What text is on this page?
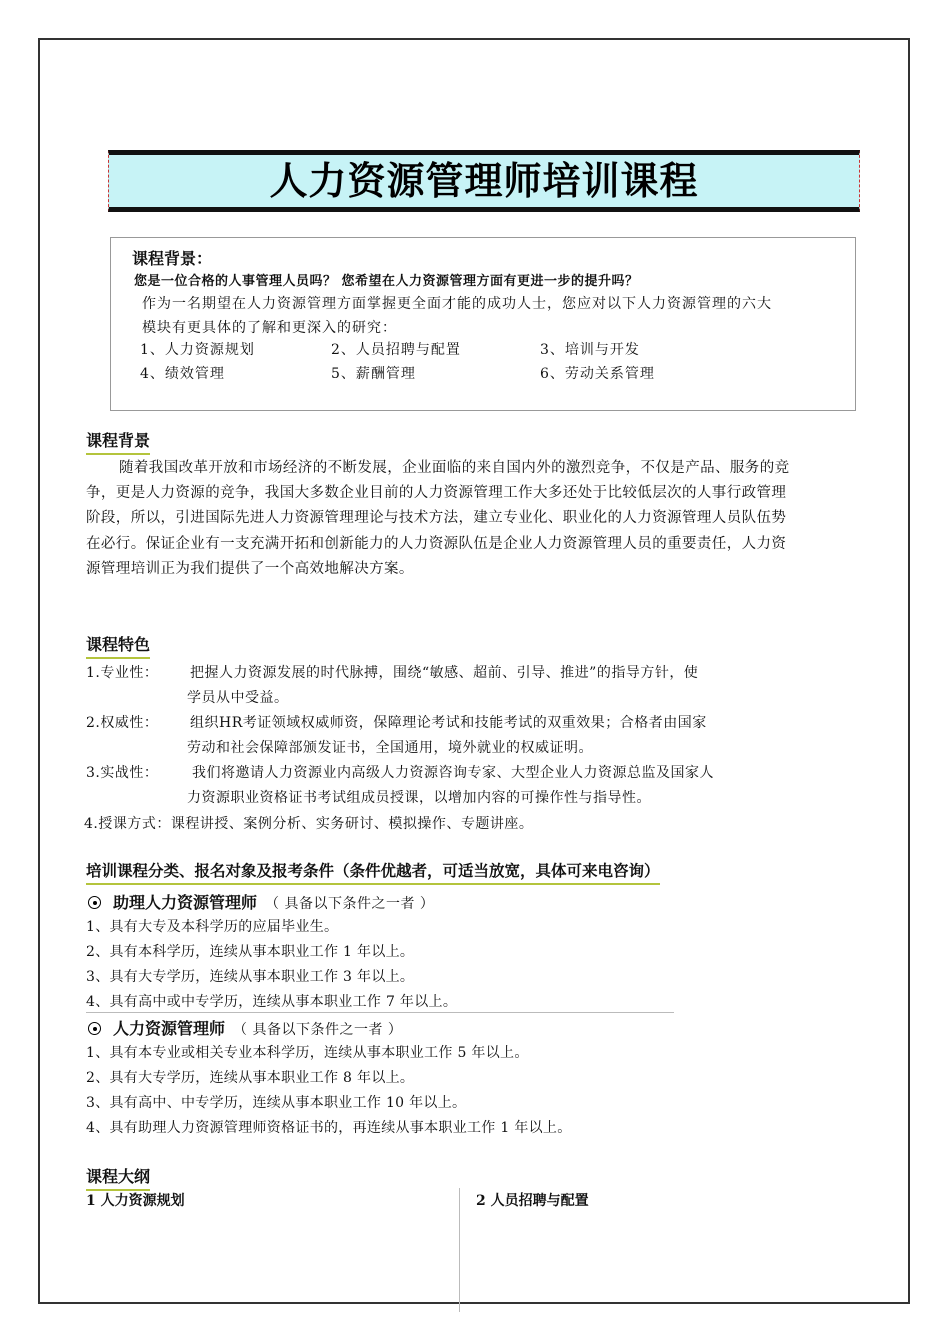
人力资源管理师培训课程
课程背景：
您是一位合格的人事管理人员吗？ 您希望在人力资源管理方面有更进一步的提升吗？
作为一名期望在人力资源管理方面掌握更全面才能的成功人士，您应对以下人力资源管理的六大
模块有更具体的了解和更深入的研究：
1、人力资源规划	2、人员招聘与配置	3、培训与开发
4、绩效管理	5、薪酬管理	6、劳动关系管理
课程背景
随着我国改革开放和市场经济的不断发展，企业面临的来自国内外的激烈竞争，不仅是产品、服务的竞争，更是人力资源的竞争，我国大多数企业目前的人力资源管理工作大多还处于比较低层次的人事行政管理阶段，所以，引进国际先进人力资源管理理论与技术方法，建立专业化、职业化的人力资源管理人员队伍势在必行。保证企业有一支充满开拓和创新能力的人力资源队伍是企业人力资源管理人员的重要责任，人力资源管理培训正为我们提供了一个高效地解决方案。
课程特色
1.专业性： 把握人力资源发展的时代脉搏，围绕“敏感、超前、引导、推进”的指导方针，使
学员从中受益。
2.权威性： 组织HR考证领域权威师资，保障理论考试和技能考试的双重效果；合格者由国家
劳动和社会保障部颁发证书，全国通用，境外就业的权威证明。
3.实战性： 我们将邀请人力资源业内高级人力资源咨询专家、大型企业人力资源总监及国家人
力资源职业资格证书考试组成员授课，以增加内容的可操作性与指导性。
4.授课方式：课程讲授、案例分析、实务研讨、模拟操作、专题讲座。
培训课程分类、报名对象及报考条件（条件优越者，可适当放宽，具体可来电咨询）
助理人力资源管理师 （ 具备以下条件之一者 ）
1、具有大专及本科学历的应届毕业生。
2、具有本科学历，连续从事本职业工作 1 年以上。
3、具有大专学历，连续从事本职业工作 3 年以上。
4、具有高中或中专学历，连续从事本职业工作 7 年以上。
人力资源管理师 （ 具备以下条件之一者 ）
1、具有本专业或相关专业本科学历，连续从事本职业工作 5 年以上。
2、具有大专学历，连续从事本职业工作 8 年以上。
3、具有高中、中专学历，连续从事本职业工作 10 年以上。
4、具有助理人力资源管理师资格证书的，再连续从事本职业工作 1 年以上。
课程大纲
1 人力资源规划	2 人员招聘与配置
